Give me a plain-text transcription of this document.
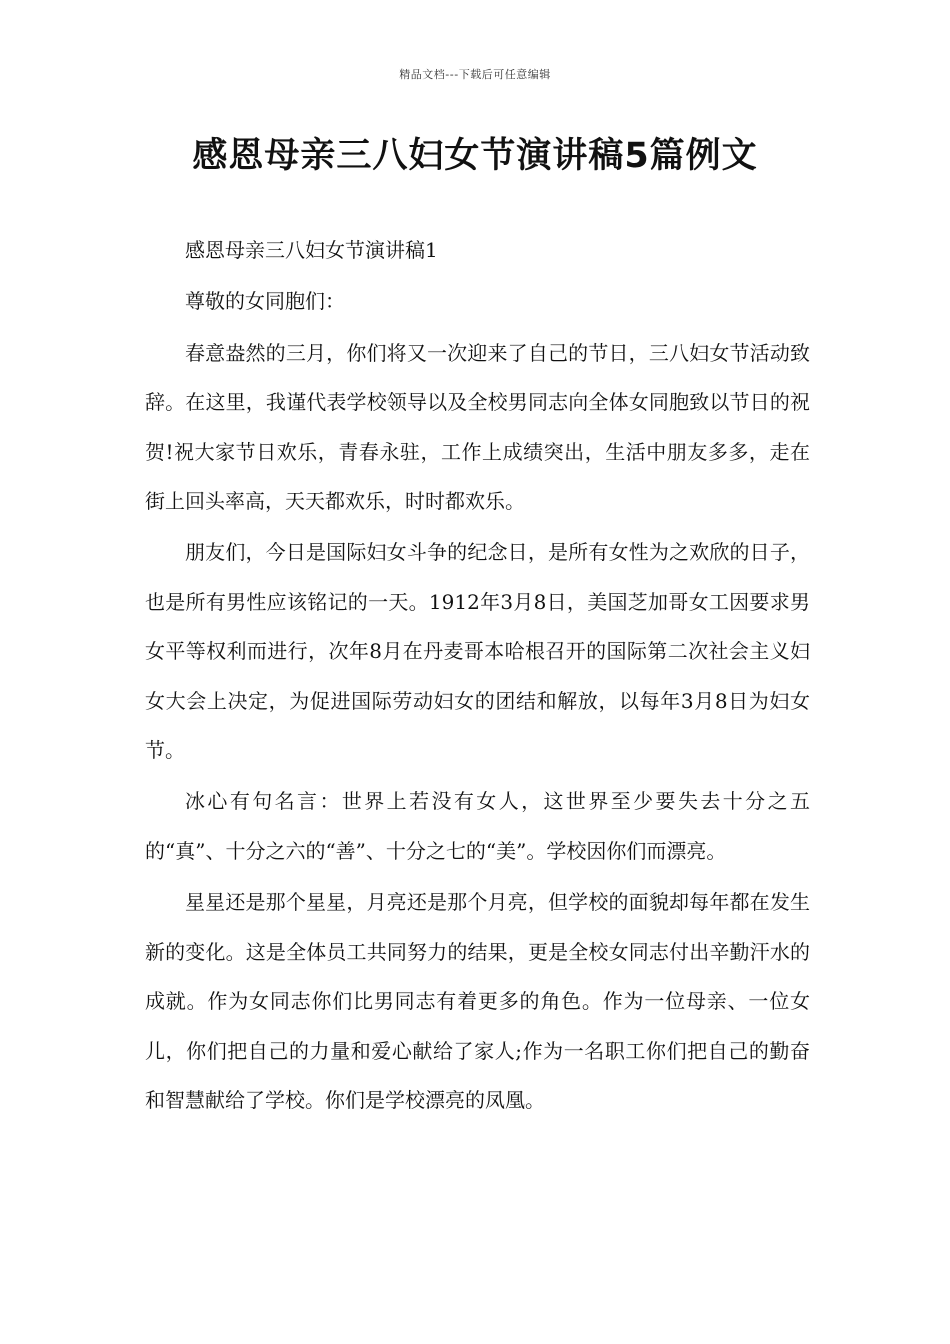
精品文档---下载后可任意编辑
感恩母亲三八妇女节演讲稿5篇例文

感恩母亲三八妇女节演讲稿1

尊敬的女同胞们：

春意盎然的三月，你们将又一次迎来了自己的节日，三八妇女节活动致辞。在这里，我谨代表学校领导以及全校男同志向全体女同胞致以节日的祝贺!祝大家节日欢乐，青春永驻，工作上成绩突出，生活中朋友多多，走在街上回头率高，天天都欢乐，时时都欢乐。

朋友们，今日是国际妇女斗争的纪念日，是所有女性为之欢欣的日子，也是所有男性应该铭记的一天。1912年3月8日，美国芝加哥女工因要求男女平等权利而进行，次年8月在丹麦哥本哈根召开的国际第二次社会主义妇女大会上决定，为促进国际劳动妇女的团结和解放，以每年3月8日为妇女节。

冰心有句名言：世界上若没有女人，这世界至少要失去十分之五的“真”、十分之六的“善”、十分之七的“美”。学校因你们而漂亮。

星星还是那个星星，月亮还是那个月亮，但学校的面貌却每年都在发生新的变化。这是全体员工共同努力的结果，更是全校女同志付出辛勤汗水的成就。作为女同志你们比男同志有着更多的角色。作为一位母亲、一位女儿，你们把自己的力量和爱心献给了家人;作为一名职工你们把自己的勤奋和智慧献给了学校。你们是学校漂亮的凤凰。
